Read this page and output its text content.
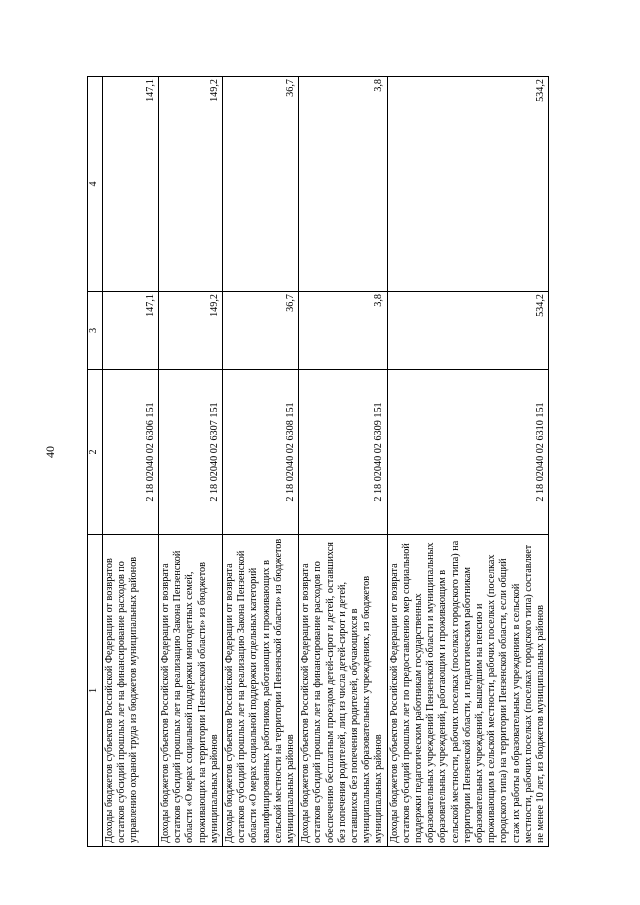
40
1	2	3	4
Доходы бюджетов субъектов Российской Федерации от возвратов остатков субсидий прошлых лет на финансирование расходов по управлению охраной труда из бюджетов муниципальных районов	2 18 02040 02 6306 151	147,1	147,1
Доходы бюджетов субъектов Российской Федерации от возврата остатков субсидий прошлых лет на реализацию Закона Пензенской области «О мерах социальной поддержки многодетных семей, проживающих на территории Пензенской области» из бюджетов муниципальных районов	2 18 02040 02 6307 151	149,2	149,2
Доходы бюджетов субъектов Российской Федерации от возврата остатков субсидий прошлых лет на реализацию Закона Пензенской области «О мерах социальной поддержки отдельных категорий квалифицированных работников, работающих и проживающих в сельской местности на территории Пензенской области» из бюджетов муниципальных районов	2 18 02040 02 6308 151	36,7	36,7
Доходы бюджетов субъектов Российской Федерации от возврата остатков субсидий прошлых лет на финансирование расходов по обеспечению бесплатным проездом детей-сирот и детей, оставшихся без попечения родителей, лиц из числа детей-сирот и детей, оставшихся без попечения родителей, обучающихся в муниципальных образовательных учреждениях, из бюджетов муниципальных районов	2 18 02040 02 6309 151	3,8	3,8
Доходы бюджетов субъектов Российской Федерации от возврата остатков субсидий прошлых лет по предоставлению мер социальной поддержки педагогическим работникам государственных образовательных учреждений Пензенской области и муниципальных образовательных учреждений, работающим и проживающим в сельской местности, рабочих поселках (поселках городского типа) на территории Пензенской области, и педагогическим работникам образовательных учреждений, вышедшим на пенсию и проживающим в сельской местности, рабочих поселках (поселках городского типа) на территории Пензенской области, если общий стаж их работы в образовательных учреждениях в сельской местности, рабочих поселках (поселках городского типа) составляет не менее 10 лет, из бюджетов муниципальных районов	2 18 02040 02 6310 151	534,2	534,2
